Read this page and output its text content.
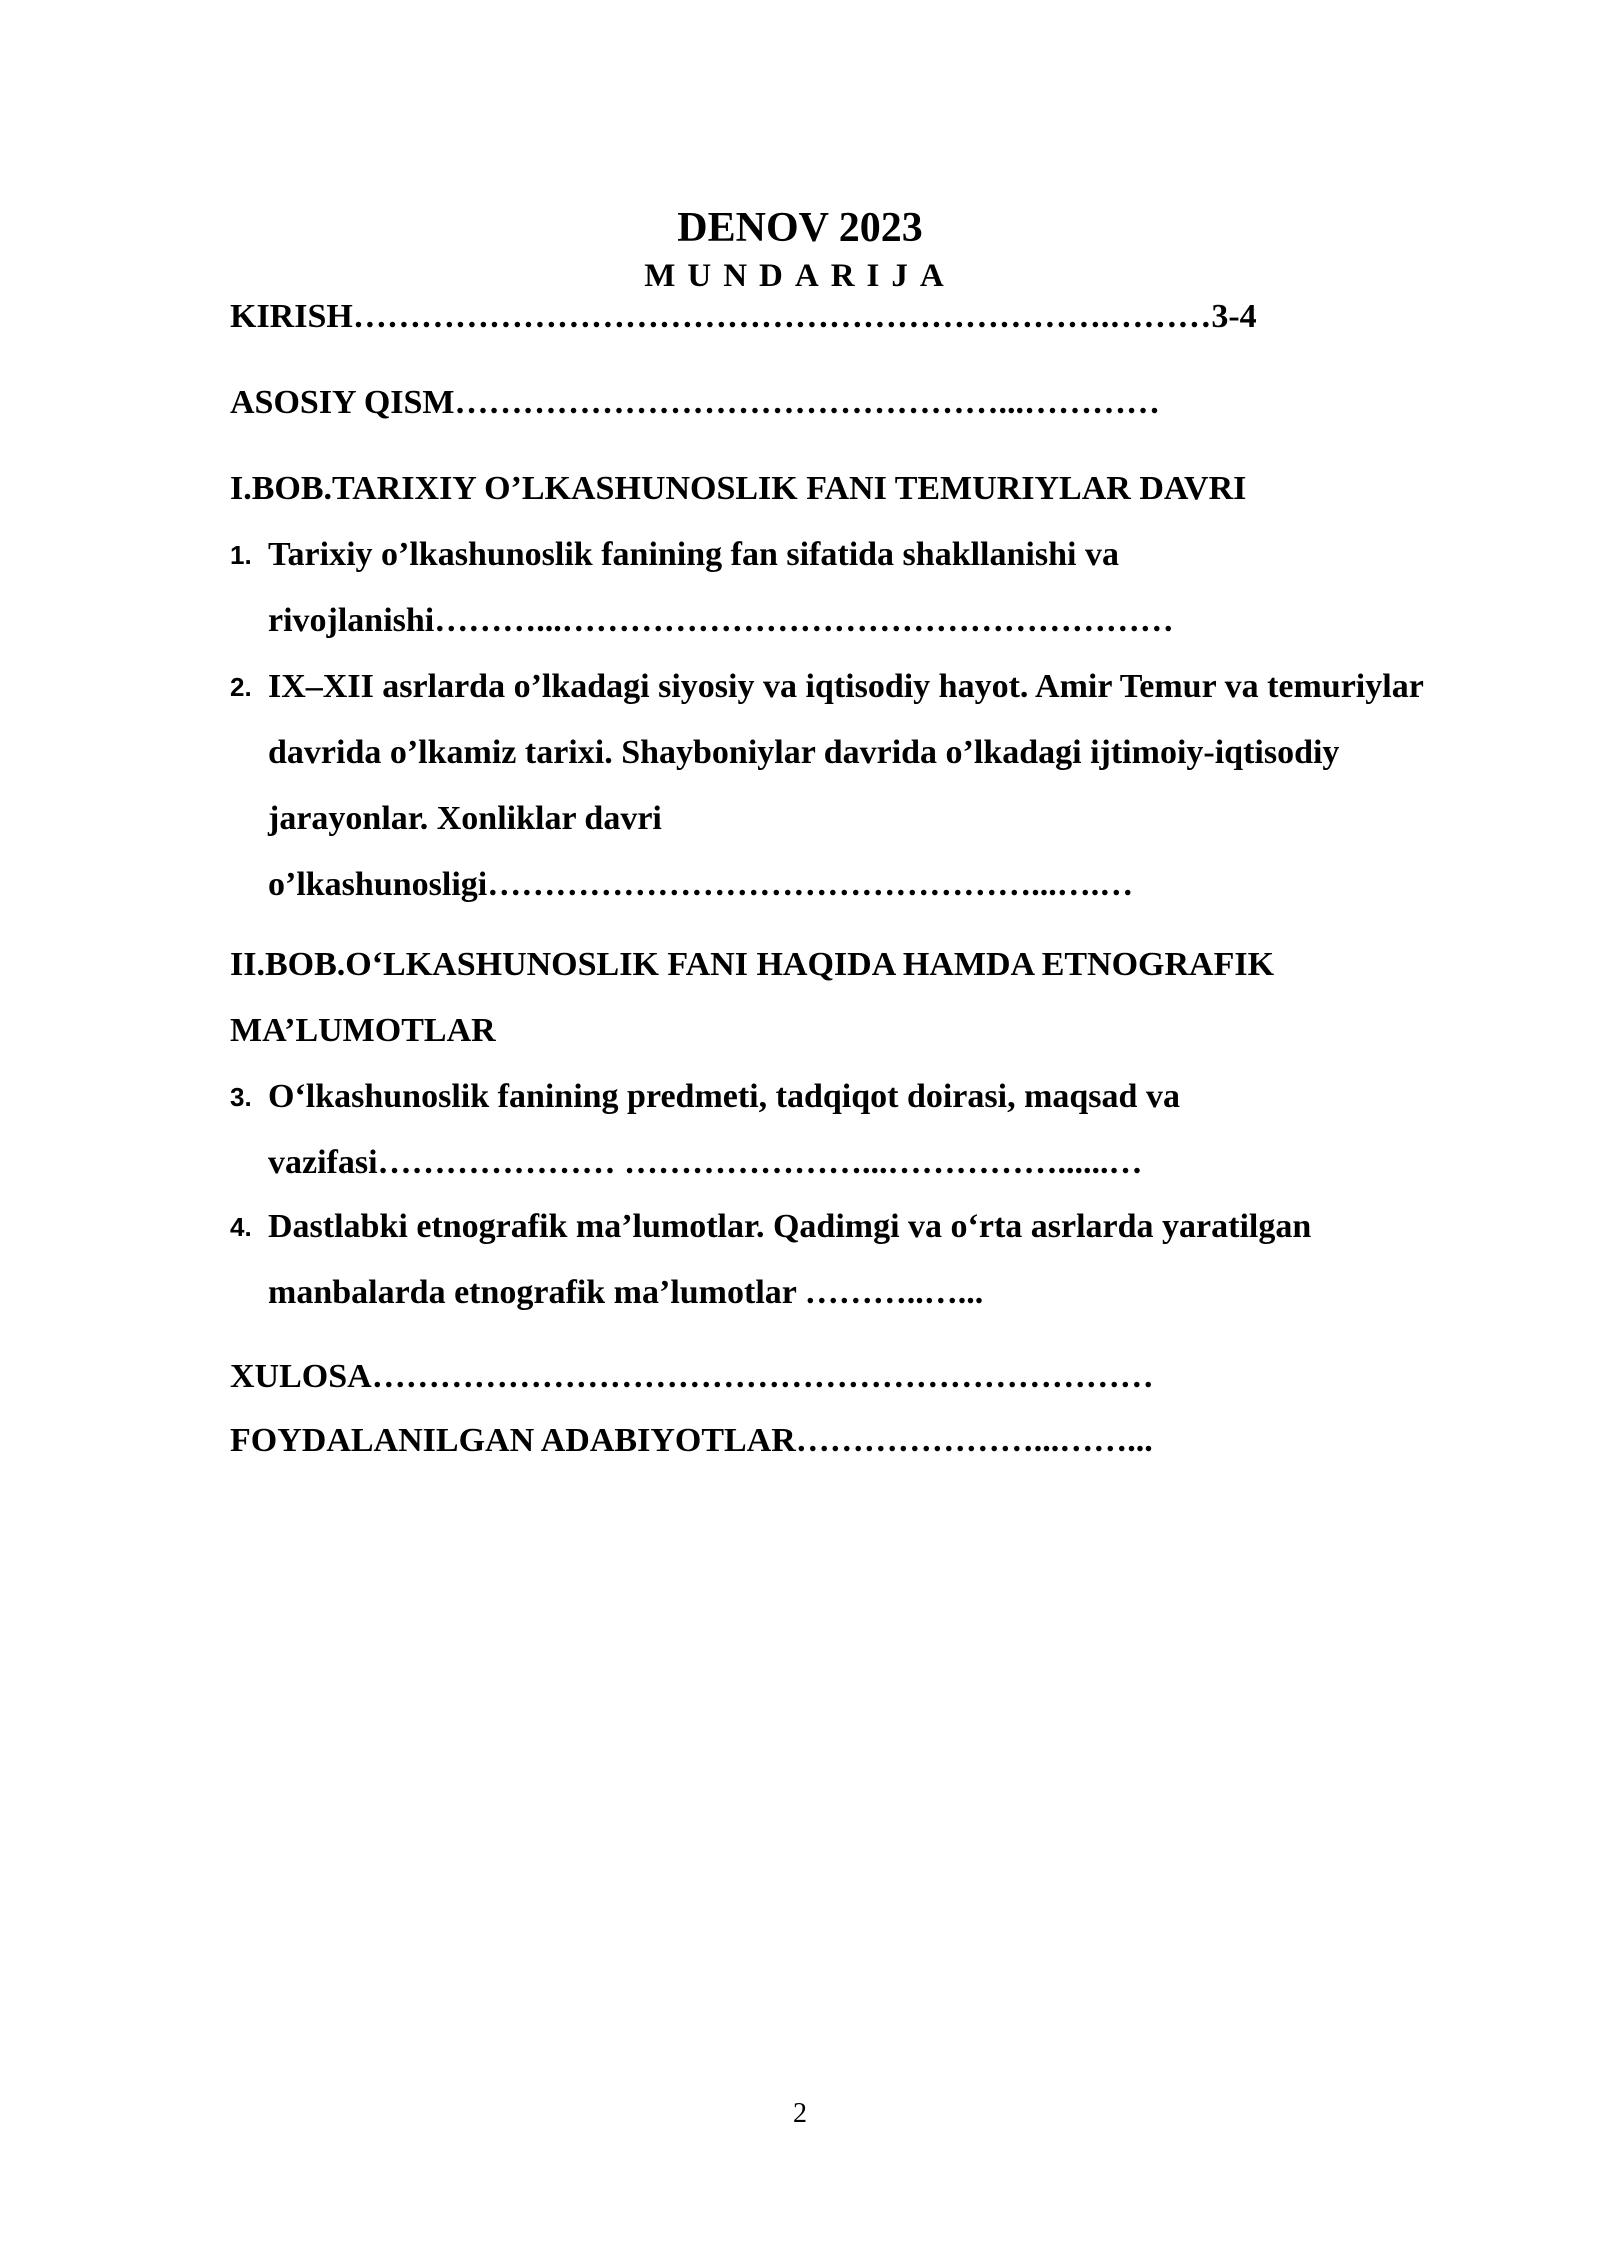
DENOV 2023
MUNDARIJA
KIRISH………………………………………………………….………3-4
ASOSIY QISM…………………………………………...…………
I.BOB.TARIXIY O’LKASHUNOSLIK FANI TEMURIYLAR DAVRI
1. Tarixiy o’lkashunoslik fanining fan sifatida shakllanishi va rivojlanishi………...………………………………………………
2. IX–XII asrlarda o’lkadagi siyosiy va iqtisodiy hayot. Amir Temur va temuriylar davrida o’lkamiz tarixi. Shayboniylar davrida o’lkadagi ijtimoiy-iqtisodiy jarayonlar. Xonliklar davri o’lkashunosligi…………………………………………...….…
II.BOB.O‘LKASHUNOSLIK FANI HAQIDA HAMDA ETNOGRAFIK
MA’LUMOTLAR
3. O‘lkashunoslik fanining predmeti, tadqiqot doirasi, maqsad va vazifasi………………… …………………...……………......…
4. Dastlabki etnografik ma’lumotlar. Qadimgi va o‘rta asrlarda yaratilgan manbalarda etnografik ma’lumotlar ………..…...
XULOSA……………………………………………………………
FOYDALANILGAN ADABIYOTLAR…………………...……...
2
